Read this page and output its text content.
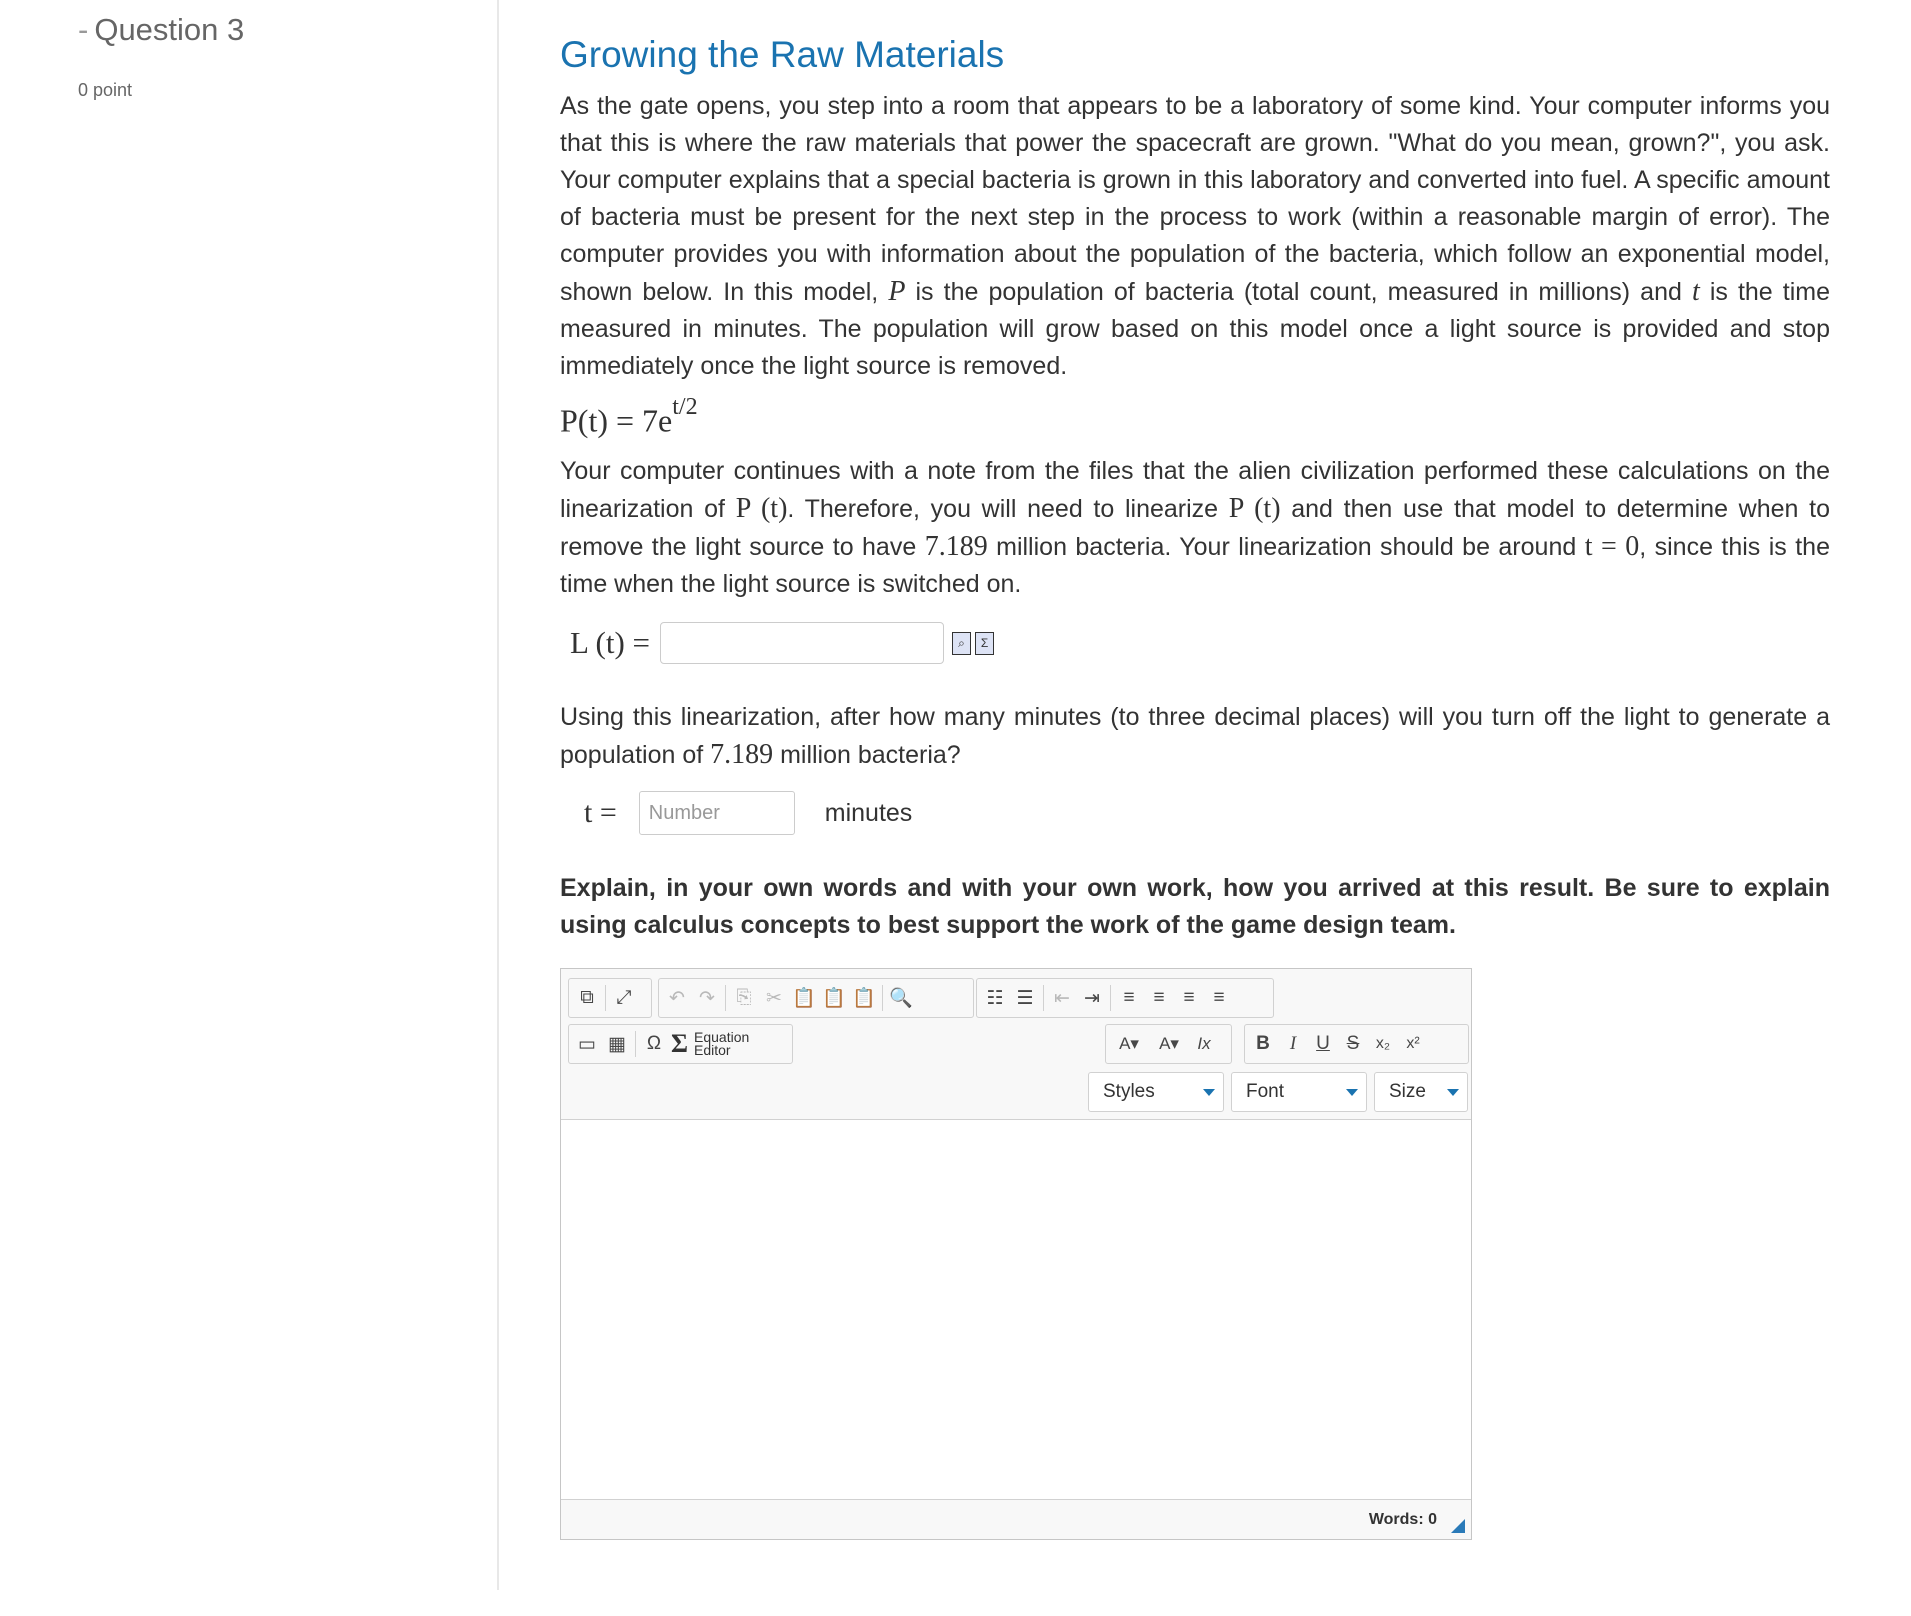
- Question 3
0 point
Growing the Raw Materials

As the gate opens, you step into a room that appears to be a laboratory of some kind. Your computer informs you that this is where the raw materials that power the spacecraft are grown. "What do you mean, grown?", you ask. Your computer explains that a special bacteria is grown in this laboratory and converted into fuel. A specific amount of bacteria must be present for the next step in the process to work (within a reasonable margin of error). The computer provides you with information about the population of the bacteria, which follow an exponential model, shown below. In this model, P is the population of bacteria (total count, measured in millions) and t is the time measured in minutes. The population will grow based on this model once a light source is provided and stop immediately once the light source is removed.

$P(t) = 7e^{t/2}$

Your computer continues with a note from the files that the alien civilization performed these calculations on the linearization of P (t). Therefore, you will need to linearize P (t) and then use that model to determine when to remove the light source to have 7.189 million bacteria. Your linearization should be around t = 0, since this is the time when the light source is switched on.

L (t) =	⌕	Σ

Using this linearization, after how many minutes (to three decimal places) will you turn off the light to generate a population of 7.189 million bacteria?

t =
Number	minutes

Explain, in your own words and with your own work, how you arrived at this result. Be sure to explain using calculus concepts to best support the work of the game design team.

⧉	⤢	↶ ↷	⎘ ✂ 📋 📋 📋 🔍	☷ ☰	⇤ ⇥	≡ ≡ ≡ ≡
▭ ▦	Ω Σ Equation
Editor	A▾	A▾	Ix	B	I	U S	x₂	x²
Styles	Font	Size
Words: 0
